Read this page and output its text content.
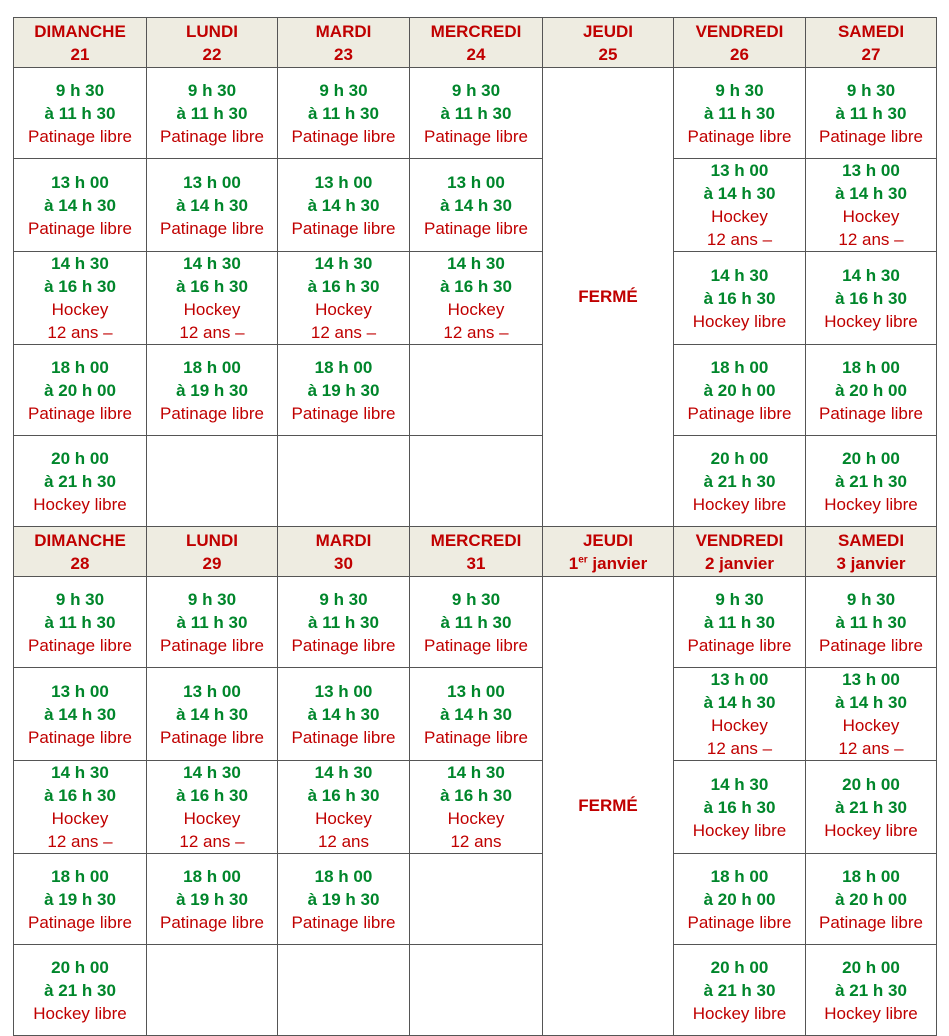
DIMANCHE
21	LUNDI
22	MARDI
23	MERCREDI
24	JEUDI
25	VENDREDI
26	SAMEDI
27

9 h 30
à 11 h 30
Patinage libre	9 h 30
à 11 h 30
Patinage libre	9 h 30
à 11 h 30
Patinage libre	9 h 30
à 11 h 30
Patinage libre	FERMÉ	9 h 30
à 11 h 30
Patinage libre	9 h 30
à 11 h 30
Patinage libre

13 h 00
à 14 h 30
Patinage libre	13 h 00
à 14 h 30
Patinage libre	13 h 00
à 14 h 30
Patinage libre	13 h 00
à 14 h 30
Patinage libre		13 h 00
à 14 h 30
Hockey
12 ans –	13 h 00
à 14 h 30
Hockey
12 ans –

14 h 30
à 16 h 30
Hockey
12 ans –	14 h 30
à 16 h 30
Hockey
12 ans –	14 h 30
à 16 h 30
Hockey
12 ans –	14 h 30
à 16 h 30
Hockey
12 ans –		14 h 30
à 16 h 30
Hockey libre	14 h 30
à 16 h 30
Hockey libre

18 h 00
à 20 h 00
Patinage libre	18 h 00
à 19 h 30
Patinage libre	18 h 00
à 19 h 30
Patinage libre			18 h 00
à 20 h 00
Patinage libre	18 h 00
à 20 h 00
Patinage libre

20 h 00
à 21 h 30
Hockey libre					20 h 00
à 21 h 30
Hockey libre	20 h 00
à 21 h 30
Hockey libre

DIMANCHE
28	LUNDI
29	MARDI
30	MERCREDI
31	JEUDI
1er janvier	VENDREDI
2 janvier	SAMEDI
3 janvier

9 h 30
à 11 h 30
Patinage libre	9 h 30
à 11 h 30
Patinage libre	9 h 30
à 11 h 30
Patinage libre	9 h 30
à 11 h 30
Patinage libre	FERMÉ	9 h 30
à 11 h 30
Patinage libre	9 h 30
à 11 h 30
Patinage libre

13 h 00
à 14 h 30
Patinage libre	13 h 00
à 14 h 30
Patinage libre	13 h 00
à 14 h 30
Patinage libre	13 h 00
à 14 h 30
Patinage libre		13 h 00
à 14 h 30
Hockey
12 ans –	13 h 00
à 14 h 30
Hockey
12 ans –

14 h 30
à 16 h 30
Hockey
12 ans –	14 h 30
à 16 h 30
Hockey
12 ans –	14 h 30
à 16 h 30
Hockey
12 ans	14 h 30
à 16 h 30
Hockey
12 ans		14 h 30
à 16 h 30
Hockey libre	20 h 00
à 21 h 30
Hockey libre

18 h 00
à 19 h 30
Patinage libre	18 h 00
à 19 h 30
Patinage libre	18 h 00
à 19 h 30
Patinage libre			18 h 00
à 20 h 00
Patinage libre	18 h 00
à 20 h 00
Patinage libre

20 h 00
à 21 h 30
Hockey libre					20 h 00
à 21 h 30
Hockey libre	20 h 00
à 21 h 30
Hockey libre
